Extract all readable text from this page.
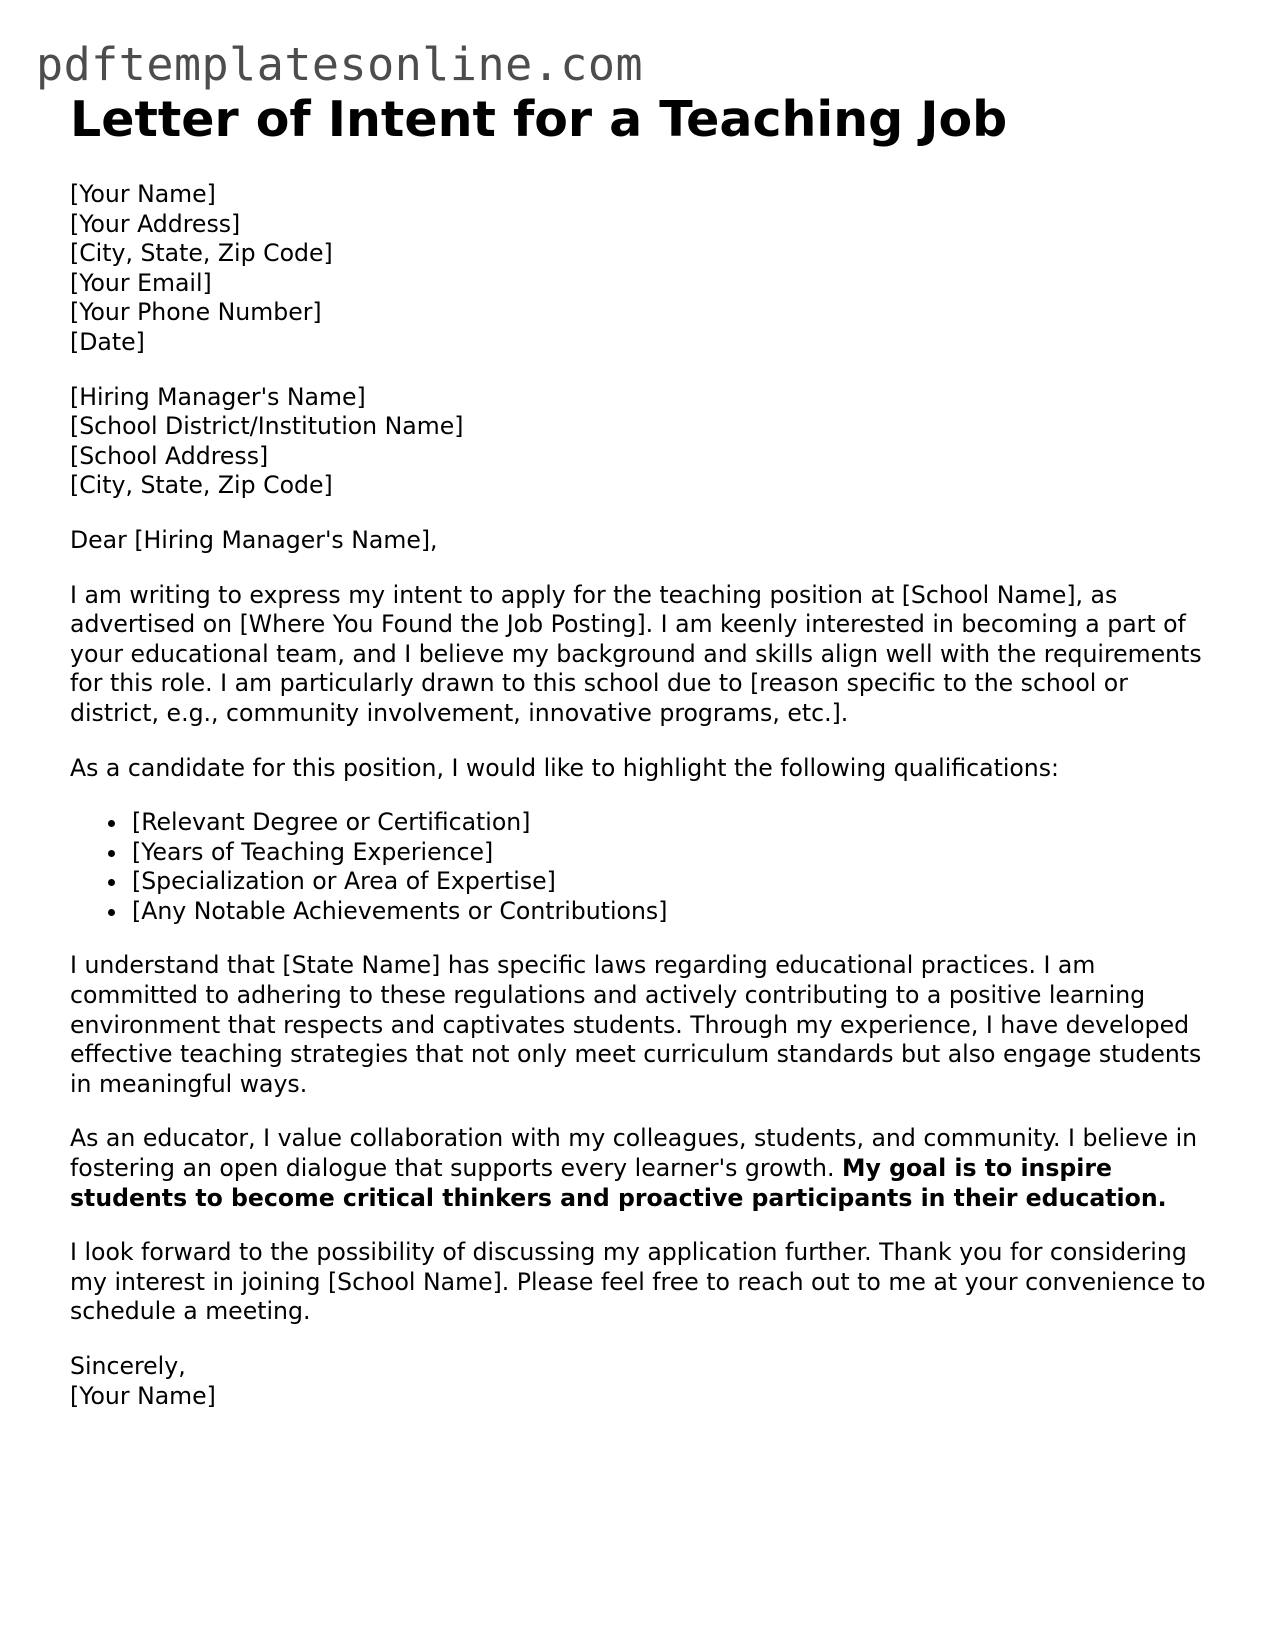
pdftemplatesonline.com
Letter of Intent for a Teaching Job
[Your Name]
[Your Address]
[City, State, Zip Code]
[Your Email]
[Your Phone Number]
[Date]
[Hiring Manager's Name]
[School District/Institution Name]
[School Address]
[City, State, Zip Code]
Dear [Hiring Manager's Name],

I am writing to express my intent to apply for the teaching position at [School Name], as advertised on [Where You Found the Job Posting]. I am keenly interested in becoming a part of your educational team, and I believe my background and skills align well with the requirements for this role. I am particularly drawn to this school due to [reason specific to the school or district, e.g., community involvement, innovative programs, etc.].

As a candidate for this position, I would like to highlight the following qualifications:

[Relevant Degree or Certification]
[Years of Teaching Experience]
[Specialization or Area of Expertise]
[Any Notable Achievements or Contributions]

I understand that [State Name] has specific laws regarding educational practices. I am committed to adhering to these regulations and actively contributing to a positive learning environment that respects and captivates students. Through my experience, I have developed effective teaching strategies that not only meet curriculum standards but also engage students in meaningful ways.

As an educator, I value collaboration with my colleagues, students, and community. I believe in fostering an open dialogue that supports every learner's growth. My goal is to inspire students to become critical thinkers and proactive participants in their education.

I look forward to the possibility of discussing my application further. Thank you for considering my interest in joining [School Name]. Please feel free to reach out to me at your convenience to schedule a meeting.

Sincerely,
[Your Name]
